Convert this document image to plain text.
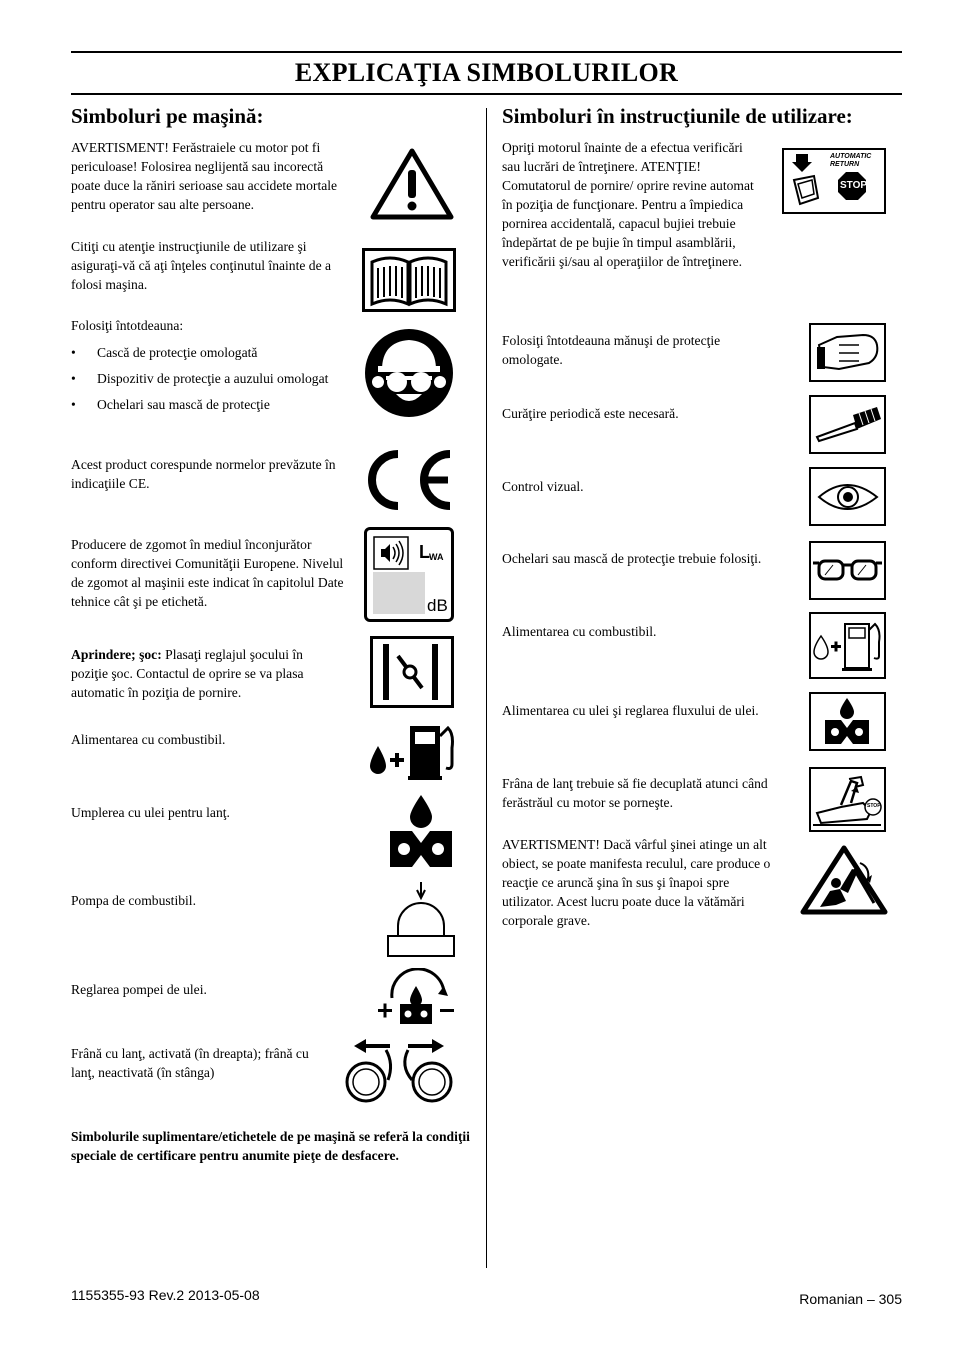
EXPLICAŢIA SIMBOLURILOR
Simboluri pe maşină:
AVERTISMENT! Ferăstraiele cu motor pot fi periculoase! Folosirea neglijentă sau incorectă poate duce la răniri serioase sau accidete mortale pentru operator sau alte persoane.
Citiţi cu atenţie instrucţiunile de utilizare şi asiguraţi-vă că aţi înţeles conţinutul înainte de a folosi maşina.
Folosiţi întotdeauna:
• Cască de protecţie omologată
• Dispozitiv de protecţie a auzului omologat
• Ochelari sau mască de protecţie
Acest product corespunde normelor prevăzute în indicaţiile CE.
Producere de zgomot în mediul înconjurător conform directivei Comunităţii Europene. Nivelul de zgomot al maşinii este indicat în capitolul Date tehnice cât şi pe etichetă.
L WA
dB
Aprindere; şoc: Plasaţi reglajul şocului în poziţie şoc. Contactul de oprire se va plasa automatic în poziţia de pornire.
Alimentarea cu combustibil.
Umplerea cu ulei pentru lanţ.
Pompa de combustibil.
Reglarea pompei de ulei.
Frână cu lanţ, activată (în dreapta); frână cu lanţ, neactivată (în stânga)
Simbolurile suplimentare/etichetele de pe maşină se referă la condiţii speciale de certificare pentru anumite pieţe de desfacere.
Simboluri în instrucţiunile de utilizare:
Opriţi motorul înainte de a efectua verificări sau lucrări de întreţinere. ATENŢIE! Comutatorul de pornire/ oprire revine automat în poziţia de funcţionare. Pentru a împiedica pornirea accidentală, capacul bujiei trebuie îndepărtat de pe bujie în timpul asamblării, verificării şi/sau al operaţiilor de întreţinere.
AUTOMATIC
RETURN
STOP
Folosiţi întotdeauna mănuşi de protecţie omologate.
Curăţire periodică este necesară.
Control vizual.
Ochelari sau mască de protecţie trebuie folosiţi.
Alimentarea cu combustibil.
Alimentarea cu ulei şi reglarea fluxului de ulei.
Frâna de lanţ trebuie să fie decuplată atunci când ferăstrăul cu motor se porneşte.	STOP
AVERTISMENT! Dacă vârful şinei atinge un alt obiect, se poate manifesta reculul, care produce o reacţie ce aruncă şina în sus şi înapoi spre utilizator. Acest lucru poate duce la vătămări corporale grave.
1155355-93 Rev.2 2013-05-08	Romanian – 305
